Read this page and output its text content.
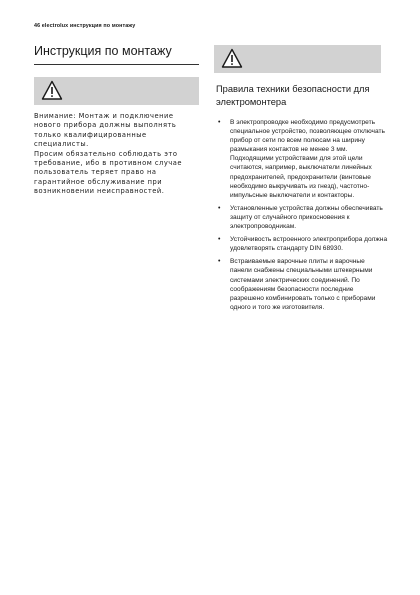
46 electrolux инструкция по монтажу
Инструкция по монтажу

Внимание: Монтаж и подключение нового прибора должны выполнять только квалифицированные специалисты.

Просим обязательно соблюдать это требование, ибо в противном случае пользователь теряет право на гарантийное обслуживание при возникновении неисправностей.

Правила техники безопасности для электромонтера
• В электропроводке необходимо предусмотреть специальное устройство, позволяющее отключать прибор от сети по всем полюсам на ширину размыкания контактов не менее 3 мм. Подходящими устройствами для этой цели считаются, например, выключатели линейных предохранителей, предохранители (винтовые необходимо выкручивать из гнезд), частотно-импульсные выключатели и контакторы.
• Установленные устройства должны обеспечивать защиту от случайного прикосновения к электропроводникам.
• Устойчивость встроенного электроприбора должна удовлетворять стандарту DIN 68930.
• Встраиваемые варочные плиты и варочные панели снабжены специальными штекерными системами электрических соединений. По соображениям безопасности последние разрешено комбинировать только с приборами одного и того же изготовителя.
